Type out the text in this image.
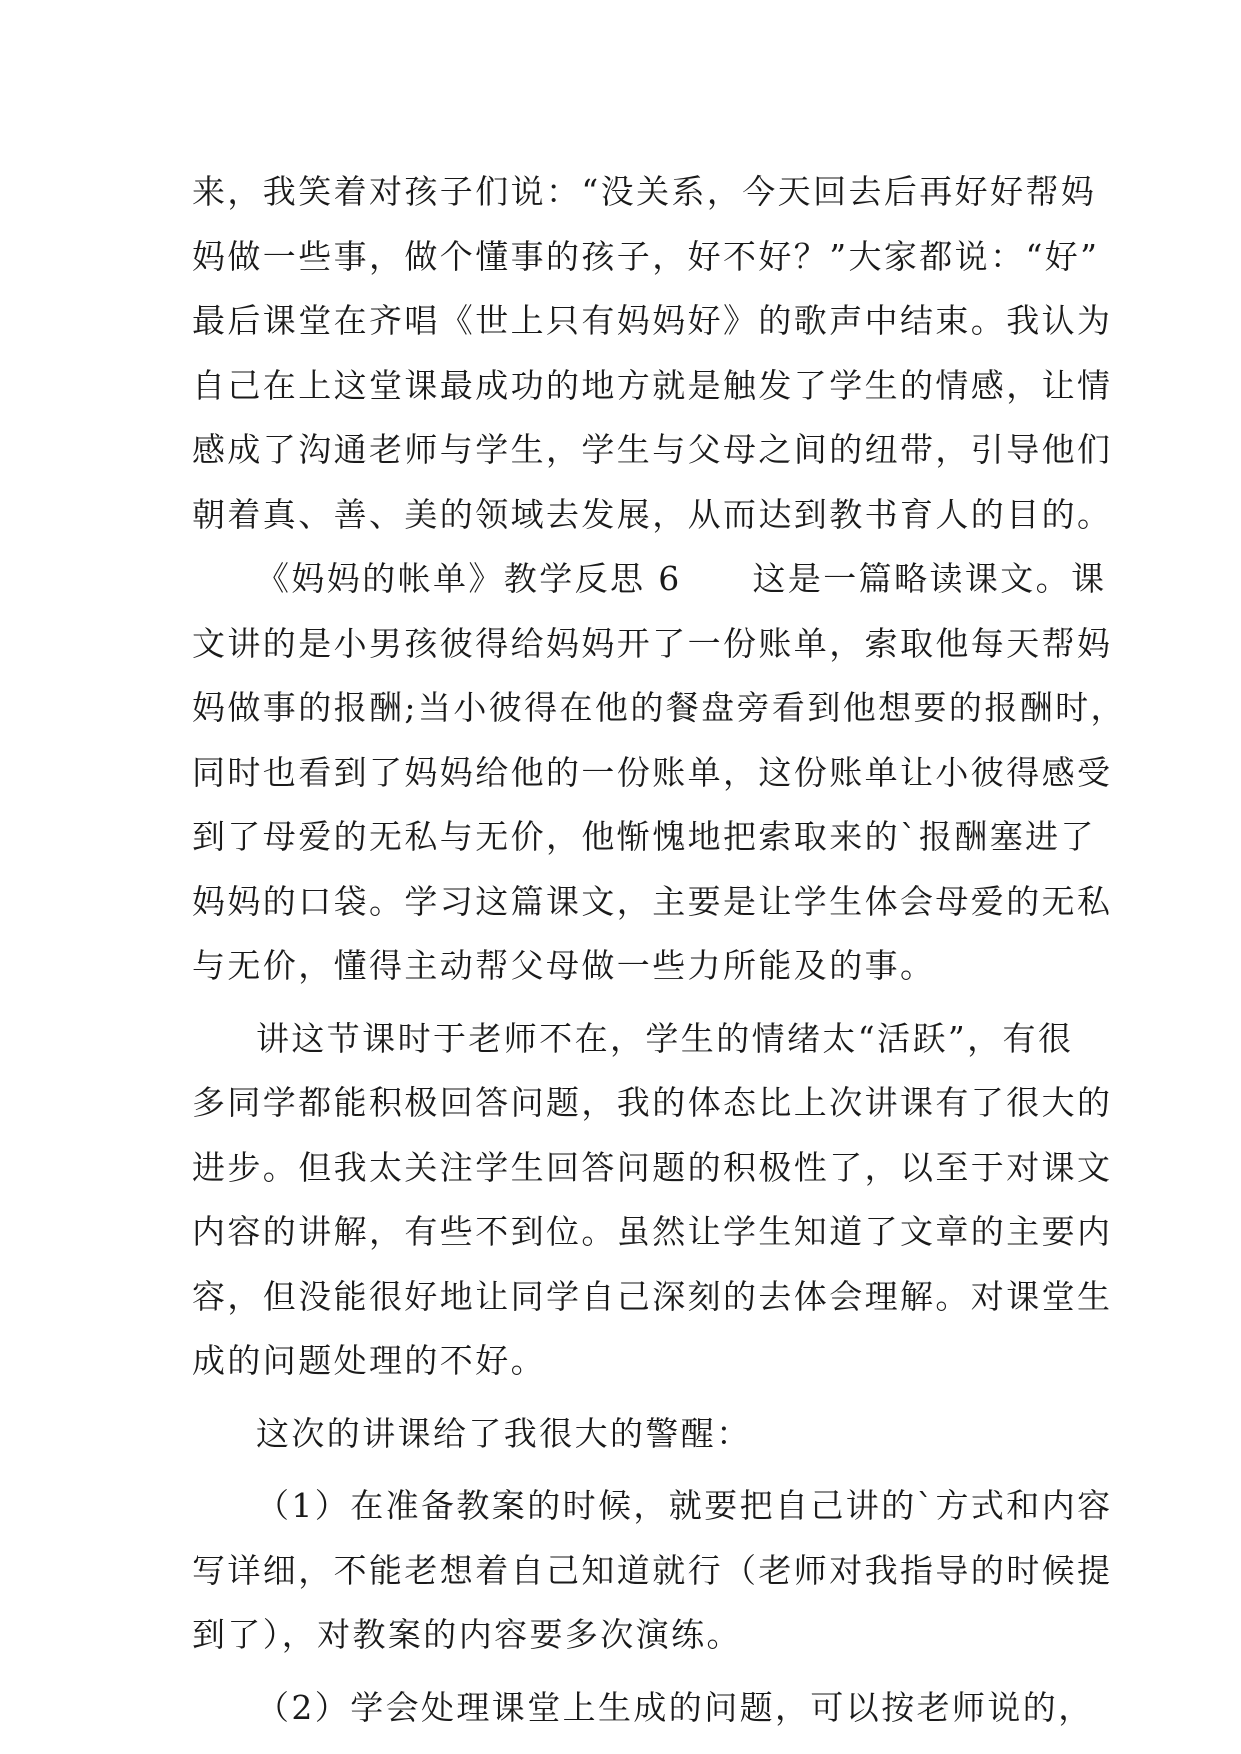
来，我笑着对孩子们说：“没关系，今天回去后再好好帮妈
妈做一些事，做个懂事的孩子，好不好？”大家都说：“好”
最后课堂在齐唱《世上只有妈妈好》的歌声中结束。我认为
自己在上这堂课最成功的地方就是触发了学生的情感，让情
感成了沟通老师与学生，学生与父母之间的纽带，引导他们
朝着真、善、美的领域去发展，从而达到教书育人的目的。
《妈妈的帐单》教学反思 6　　这是一篇略读课文。课
文讲的是小男孩彼得给妈妈开了一份账单，索取他每天帮妈
妈做事的报酬;当小彼得在他的餐盘旁看到他想要的报酬时，
同时也看到了妈妈给他的一份账单，这份账单让小彼得感受
到了母爱的无私与无价，他惭愧地把索取来的`报酬塞进了
妈妈的口袋。学习这篇课文，主要是让学生体会母爱的无私
与无价，懂得主动帮父母做一些力所能及的事。
讲这节课时于老师不在，学生的情绪太“活跃”，有很
多同学都能积极回答问题，我的体态比上次讲课有了很大的
进步。但我太关注学生回答问题的积极性了，以至于对课文
内容的讲解，有些不到位。虽然让学生知道了文章的主要内
容，但没能很好地让同学自己深刻的去体会理解。对课堂生
成的问题处理的不好。
这次的讲课给了我很大的警醒：
（1）在准备教案的时候，就要把自己讲的`方式和内容
写详细，不能老想着自己知道就行（老师对我指导的时候提
到了），对教案的内容要多次演练。
（2）学会处理课堂上生成的问题，可以按老师说的，
